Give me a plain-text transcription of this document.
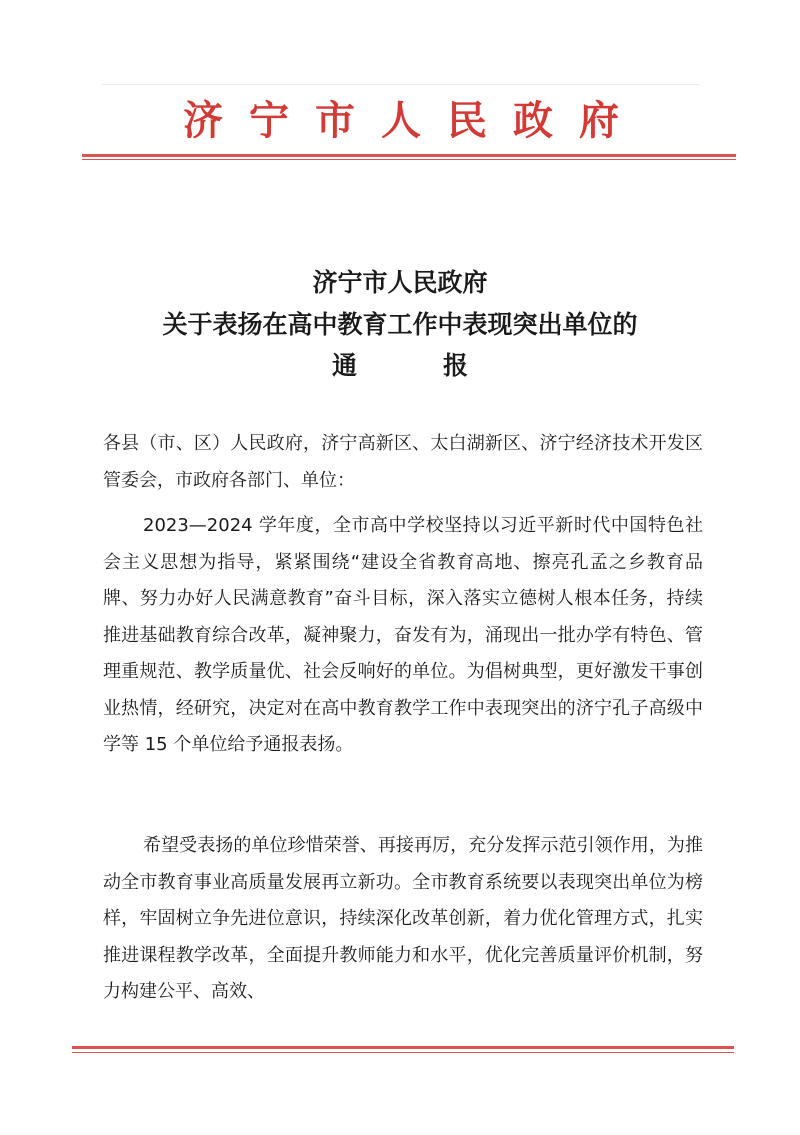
济宁市人民政府
济宁市人民政府
关于表扬在高中教育工作中表现突出单位的
通报

各县（市、区）人民政府，济宁高新区、太白湖新区、济宁经济技术开发区管委会，市政府各部门、单位：

2023—2024 学年度，全市高中学校坚持以习近平新时代中国特色社会主义思想为指导，紧紧围绕“建设全省教育高地、擦亮孔孟之乡教育品牌、努力办好人民满意教育”奋斗目标，深入落实立德树人根本任务，持续推进基础教育综合改革，凝神聚力，奋发有为，涌现出一批办学有特色、管理重规范、教学质量优、社会反响好的单位。为倡树典型，更好激发干事创业热情，经研究，决定对在高中教育教学工作中表现突出的济宁孔子高级中学等 15 个单位给予通报表扬。

希望受表扬的单位珍惜荣誉、再接再厉，充分发挥示范引领作用，为推动全市教育事业高质量发展再立新功。全市教育系统要以表现突出单位为榜样，牢固树立争先进位意识，持续深化改革创新，着力优化管理方式，扎实推进课程教学改革，全面提升教师能力和水平，优化完善质量评价机制，努力构建公平、高效、
